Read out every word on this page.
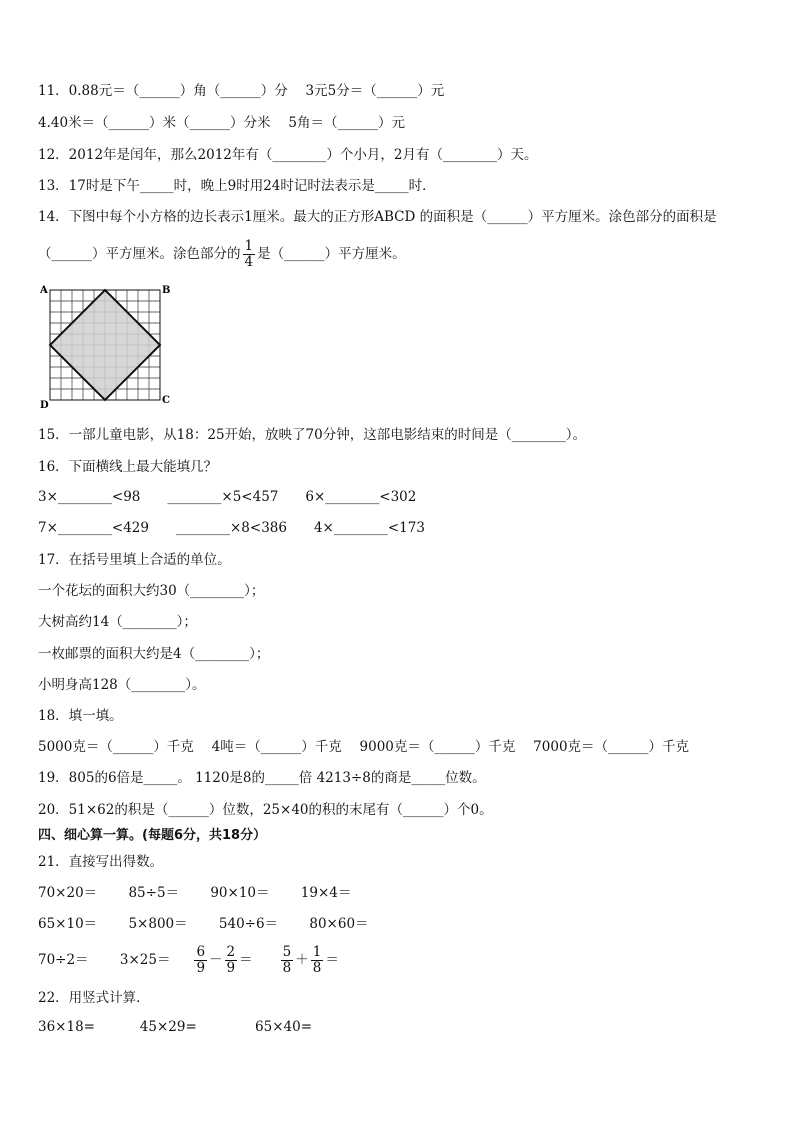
11．0.88元＝（______）角（______）分　 3元5分＝（______）元
4.40米＝（______）米（______）分米　 5角＝（______）元
12．2012年是闰年，那么2012年有（________）个小月，2月有（________）天。
13．17时是下午_____时，晚上9时用24时记时法表示是_____时．
14．下图中每个小方格的边长表示1厘米。最大的正方形ABCD 的面积是（______）平方厘米。涂色部分的面积是
（______）平方厘米。涂色部分的 $\frac{1}{4}$ 是（______）平方厘米。
A	B
C
D
15．一部儿童电影，从18：25开始，放映了70分钟，这部电影结束的时间是（________）。
16．下面横线上最大能填几？
3×________<98　　________×5<457　　6×________<302
7×________<429　　________×8<386　　4×________<173
17．在括号里填上合适的单位。
一个花坛的面积大约30（________）；
大树高约14（________）；
一枚邮票的面积大约是4（________）；
小明身高128（________）。
18．填一填。
5000克＝（______）千克　 4吨＝（______）千克　 9000克＝（______）千克　 7000克＝（______）千克
19．805的6倍是_____。 1120是8的_____倍 4213÷8的商是_____位数。
20．51×62的积是（______）位数，25×40的积的末尾有（______）个0。
四、细心算一算。(每题6分，共18分）
21．直接写出得数。
70×20＝　　 85÷5＝　　 90×10＝　　 19×4＝
65×10＝　　 5×800＝　　 540÷6＝　　 80×60＝
70÷2＝　　 $3\times 25= \frac{6}{9} - \frac{2}{9} = \frac{5}{8} + \frac{1}{8}$ ＝
22．用竖式计算．
36×18=　　　 45×29=　　　　 65×40=
